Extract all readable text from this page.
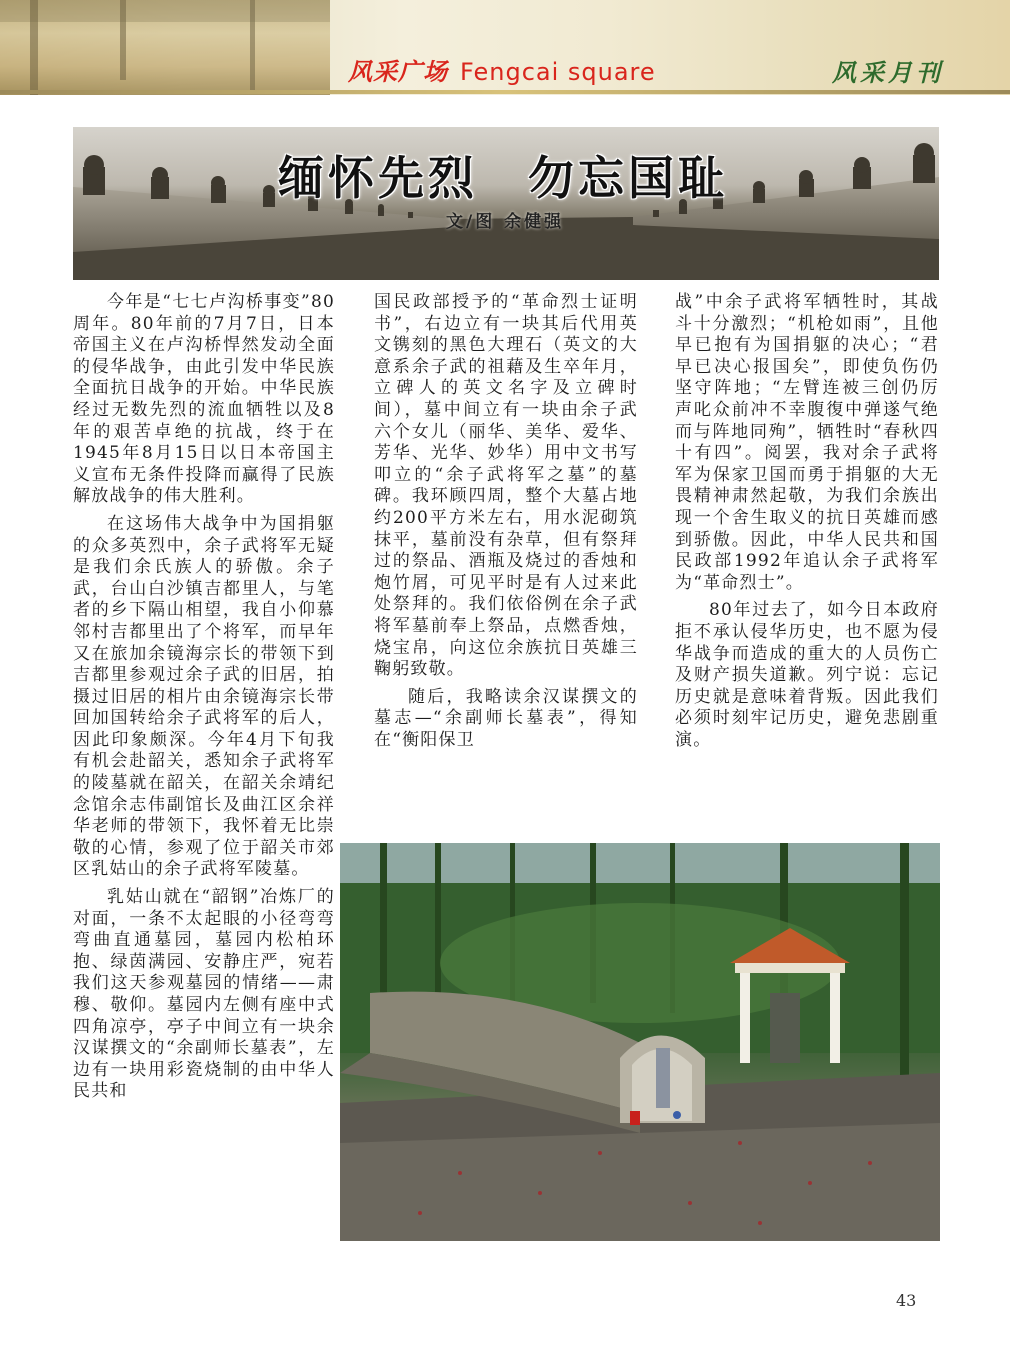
风采广场 Fengcai square	风采月刊
缅怀先烈　勿忘国耻
文/图 余健强

今年是“七七卢沟桥事变”80周年。80年前的7月7日，日本帝国主义在卢沟桥悍然发动全面的侵华战争，由此引发中华民族全面抗日战争的开始。中华民族经过无数先烈的流血牺牲以及8年的艰苦卓绝的抗战，终于在1945年8月15日以日本帝国主义宣布无条件投降而赢得了民族解放战争的伟大胜利。

在这场伟大战争中为国捐躯的众多英烈中，余子武将军无疑是我们余氏族人的骄傲。余子武，台山白沙镇吉都里人，与笔者的乡下隔山相望，我自小仰慕邻村吉都里出了个将军，而早年又在旅加余镜海宗长的带领下到吉都里参观过余子武的旧居，拍摄过旧居的相片由余镜海宗长带回加国转给余子武将军的后人，因此印象颇深。今年4月下旬我有机会赴韶关，悉知余子武将军的陵墓就在韶关，在韶关余靖纪念馆余志伟副馆长及曲江区余祥华老师的带领下，我怀着无比崇敬的心情，参观了位于韶关市郊区乳姑山的余子武将军陵墓。

乳姑山就在“韶钢”冶炼厂的对面，一条不太起眼的小径弯弯弯曲直通墓园，墓园内松柏环抱、绿茵满园、安静庄严，宛若我们这天参观墓园的情绪——肃穆、敬仰。墓园内左侧有座中式四角凉亭，亭子中间立有一块余汉谋撰文的“余副师长墓表”，左边有一块用彩瓷烧制的由中华人民共和

国民政部授予的“革命烈士证明书”，右边立有一块其后代用英文镌刻的黑色大理石（英文的大意系余子武的祖藉及生卒年月，立碑人的英文名字及立碑时间），墓中间立有一块由余子武六个女儿（丽华、美华、爱华、芳华、光华、妙华）用中文书写叩立的“余子武将军之墓”的墓碑。我环顾四周，整个大墓占地约200平方米左右，用水泥砌筑抹平，墓前没有杂草，但有祭拜过的祭品、酒瓶及烧过的香烛和炮竹屑，可见平时是有人过来此处祭拜的。我们依俗例在余子武将军墓前奉上祭品，点燃香烛，烧宝帛，向这位余族抗日英雄三鞠躬致敬。

随后，我略读余汉谋撰文的墓志—“余副师长墓表”，得知在“衡阳保卫

战”中余子武将军牺牲时，其战斗十分激烈；“机枪如雨”，且他早已抱有为国捐躯的决心；“君早已决心报国矣”，即使负伤仍坚守阵地；“左臂连被三创仍厉声叱众前冲不幸腹復中弹遂气绝而与阵地同殉”，牺牲时“春秋四十有四”。阅罢，我对余子武将军为保家卫国而勇于捐躯的大无畏精神肃然起敬，为我们余族出现一个舍生取义的抗日英雄而感到骄傲。因此，中华人民共和国民政部1992年追认余子武将军为“革命烈士”。

80年过去了，如今日本政府拒不承认侵华历史，也不愿为侵华战争而造成的重大的人员伤亡及财产损失道歉。列宁说：忘记历史就是意味着背叛。因此我们必须时刻牢记历史，避免悲剧重演。

43
